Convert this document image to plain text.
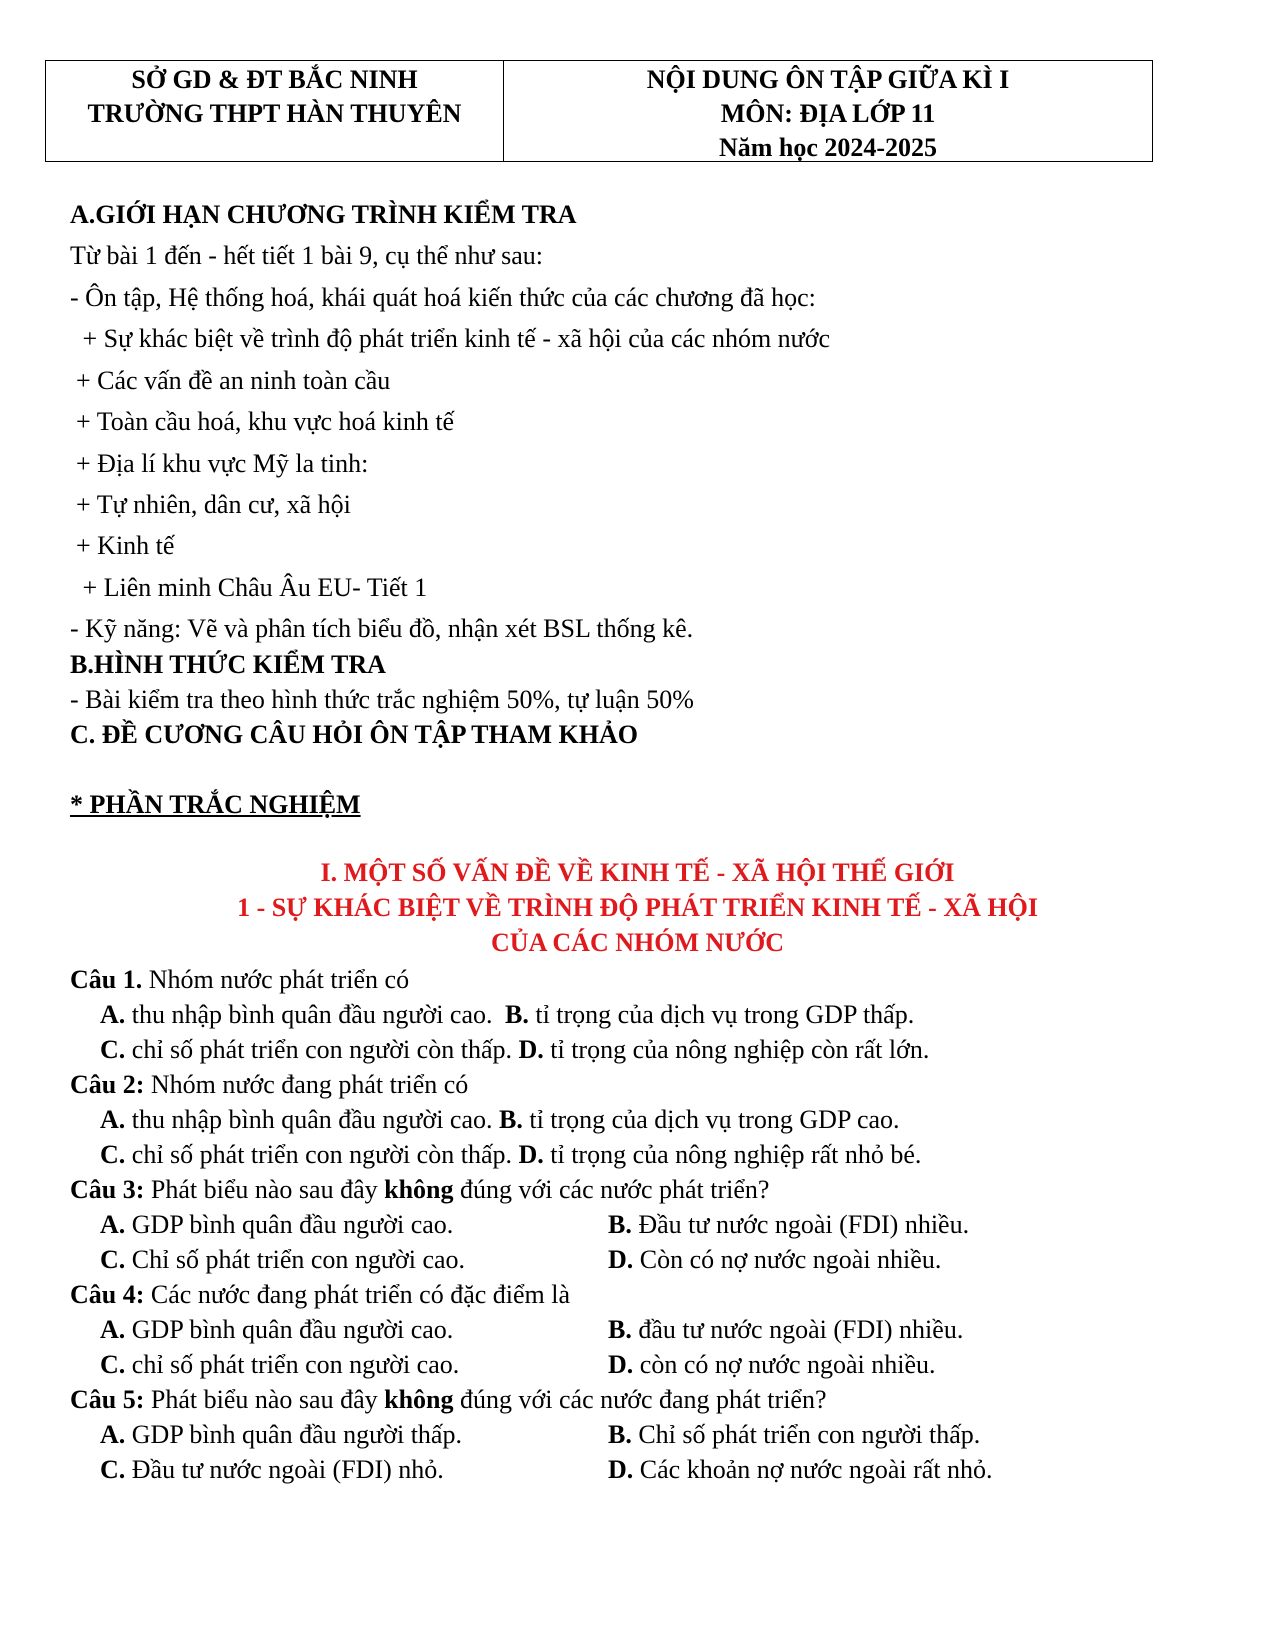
SỞ GD & ĐT BẮC NINH
TRƯỜNG THPT HÀN THUYÊN
NỘI DUNG ÔN TẬP GIỮA KÌ I
MÔN: ĐỊA LỚP 11
Năm học 2024-2025
A.GIỚI HẠN CHƯƠNG TRÌNH KIỂM TRA
Từ bài 1 đến - hết tiết 1 bài 9, cụ thể như sau:
- Ôn tập, Hệ thống hoá, khái quát hoá kiến thức của các chương đã học:
+ Sự khác biệt về trình độ phát triển kinh tế - xã hội của các nhóm nước
+ Các vấn đề an ninh toàn cầu
+ Toàn cầu hoá, khu vực hoá kinh tế
+ Địa lí khu vực Mỹ la tinh:
+ Tự nhiên, dân cư, xã hội
+ Kinh tế
+ Liên minh Châu Âu EU- Tiết 1
- Kỹ năng: Vẽ và phân tích biểu đồ, nhận xét BSL thống kê.
B.HÌNH THỨC KIỂM TRA
- Bài kiểm tra theo hình thức trắc nghiệm 50%, tự luận 50%
C. ĐỀ CƯƠNG CÂU HỎI ÔN TẬP THAM KHẢO
* PHẦN TRẮC NGHIỆM
I. MỘT SỐ VẤN ĐỀ VỀ KINH TẾ - XÃ HỘI THẾ GIỚI
1 - SỰ KHÁC BIỆT VỀ TRÌNH ĐỘ PHÁT TRIỂN KINH TẾ - XÃ HỘI
CỦA CÁC NHÓM NƯỚC
Câu 1. Nhóm nước phát triển có
A. thu nhập bình quân đầu người cao. B. tỉ trọng của dịch vụ trong GDP thấp.
C. chỉ số phát triển con người còn thấp. D. tỉ trọng của nông nghiệp còn rất lớn.
Câu 2: Nhóm nước đang phát triển có
A. thu nhập bình quân đầu người cao. B. tỉ trọng của dịch vụ trong GDP cao.
C. chỉ số phát triển con người còn thấp. D. tỉ trọng của nông nghiệp rất nhỏ bé.
Câu 3: Phát biểu nào sau đây không đúng với các nước phát triển?
A. GDP bình quân đầu người cao.	B. Đầu tư nước ngoài (FDI) nhiều.
C. Chỉ số phát triển con người cao.	D. Còn có nợ nước ngoài nhiều.
Câu 4: Các nước đang phát triển có đặc điểm là
A. GDP bình quân đầu người cao.	B. đầu tư nước ngoài (FDI) nhiều.
C. chỉ số phát triển con người cao.	D. còn có nợ nước ngoài nhiều.
Câu 5: Phát biểu nào sau đây không đúng với các nước đang phát triển?
A. GDP bình quân đầu người thấp.	B. Chỉ số phát triển con người thấp.
C. Đầu tư nước ngoài (FDI) nhỏ.	D. Các khoản nợ nước ngoài rất nhỏ.
